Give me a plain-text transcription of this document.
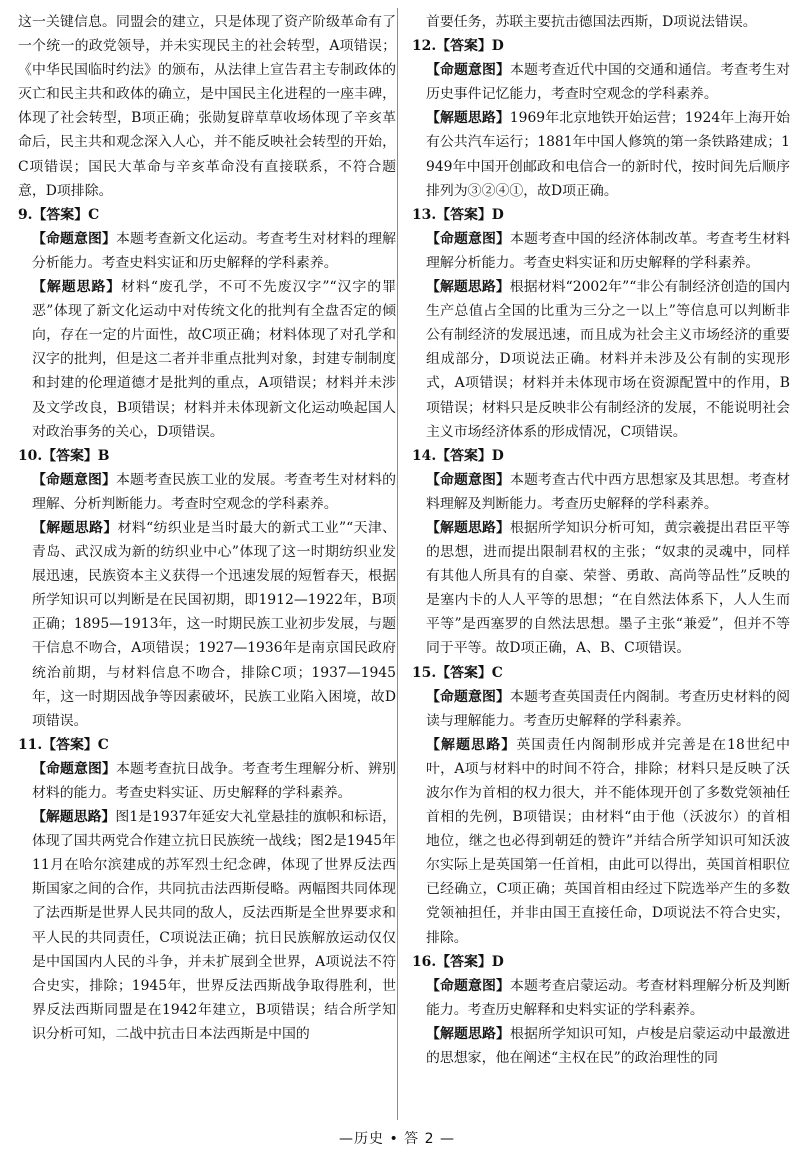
这一关键信息。同盟会的建立，只是体现了资产阶级革命有了一个统一的政党领导，并未实现民主的社会转型，A项错误；《中华民国临时约法》的颁布，从法律上宣告君主专制政体的灭亡和民主共和政体的确立，是中国民主化进程的一座丰碑，体现了社会转型，B项正确；张勋复辟草草收场体现了辛亥革命后，民主共和观念深入人心，并不能反映社会转型的开始，C项错误；国民大革命与辛亥革命没有直接联系，不符合题意，D项排除。

9.【答案】C

【命题意图】本题考查新文化运动。考查考生对材料的理解分析能力。考查史料实证和历史解释的学科素养。

【解题思路】材料“废孔学，不可不先废汉字”“汉字的罪恶”体现了新文化运动中对传统文化的批判有全盘否定的倾向，存在一定的片面性，故C项正确；材料体现了对孔学和汉字的批判，但是这二者并非重点批判对象，封建专制制度和封建的伦理道德才是批判的重点，A项错误；材料并未涉及文学改良，B项错误；材料并未体现新文化运动唤起国人对政治事务的关心，D项错误。

10.【答案】B

【命题意图】本题考查民族工业的发展。考查考生对材料的理解、分析判断能力。考查时空观念的学科素养。

【解题思路】材料“纺织业是当时最大的新式工业”“天津、青岛、武汉成为新的纺织业中心”体现了这一时期纺织业发展迅速，民族资本主义获得一个迅速发展的短暂春天，根据所学知识可以判断是在民国初期，即1912—1922年，B项正确；1895—1913年，这一时期民族工业初步发展，与题干信息不吻合，A项错误；1927—1936年是南京国民政府统治前期，与材料信息不吻合，排除C项；1937—1945年，这一时期因战争等因素破坏，民族工业陷入困境，故D项错误。

11.【答案】C

【命题意图】本题考查抗日战争。考查考生理解分析、辨别材料的能力。考查史料实证、历史解释的学科素养。

【解题思路】图1是1937年延安大礼堂悬挂的旗帜和标语，体现了国共两党合作建立抗日民族统一战线；图2是1945年11月在哈尔滨建成的苏军烈士纪念碑，体现了世界反法西斯国家之间的合作，共同抗击法西斯侵略。两幅图共同体现了法西斯是世界人民共同的敌人，反法西斯是全世界要求和平人民的共同责任，C项说法正确；抗日民族解放运动仅仅是中国国内人民的斗争，并未扩展到全世界，A项说法不符合史实，排除；1945年，世界反法西斯战争取得胜利，世界反法西斯同盟是在1942年建立，B项错误；结合所学知识分析可知，二战中抗击日本法西斯是中国的

首要任务，苏联主要抗击德国法西斯，D项说法错误。

12.【答案】D

【命题意图】本题考查近代中国的交通和通信。考查考生对历史事件记忆能力，考查时空观念的学科素养。

【解题思路】1969年北京地铁开始运营；1924年上海开始有公共汽车运行；1881年中国人修筑的第一条铁路建成；1949年中国开创邮政和电信合一的新时代，按时间先后顺序排列为③②④①，故D项正确。

13.【答案】D

【命题意图】本题考查中国的经济体制改革。考查考生材料理解分析能力。考查史料实证和历史解释的学科素养。

【解题思路】根据材料“2002年”“非公有制经济创造的国内生产总值占全国的比重为三分之一以上”等信息可以判断非公有制经济的发展迅速，而且成为社会主义市场经济的重要组成部分，D项说法正确。材料并未涉及公有制的实现形式，A项错误；材料并未体现市场在资源配置中的作用，B项错误；材料只是反映非公有制经济的发展，不能说明社会主义市场经济体系的形成情况，C项错误。

14.【答案】D

【命题意图】本题考查古代中西方思想家及其思想。考查材料理解及判断能力。考查历史解释的学科素养。

【解题思路】根据所学知识分析可知，黄宗羲提出君臣平等的思想，进而提出限制君权的主张；“奴隶的灵魂中，同样有其他人所具有的自豪、荣誉、勇敢、高尚等品性”反映的是塞内卡的人人平等的思想；“在自然法体系下，人人生而平等”是西塞罗的自然法思想。墨子主张“兼爱”，但并不等同于平等。故D项正确，A、B、C项错误。

15.【答案】C

【命题意图】本题考查英国责任内阁制。考查历史材料的阅读与理解能力。考查历史解释的学科素养。

【解题思路】英国责任内阁制形成并完善是在18世纪中叶，A项与材料中的时间不符合，排除；材料只是反映了沃波尔作为首相的权力很大，并不能体现开创了多数党领袖任首相的先例，B项错误；由材料“由于他（沃波尔）的首相地位，继之也必得到朝廷的赞许”并结合所学知识可知沃波尔实际上是英国第一任首相，由此可以得出，英国首相职位已经确立，C项正确；英国首相由经过下院选举产生的多数党领袖担任，并非由国王直接任命，D项说法不符合史实，排除。

16.【答案】D

【命题意图】本题考查启蒙运动。考查材料理解分析及判断能力。考查历史解释和史料实证的学科素养。

【解题思路】根据所学知识可知，卢梭是启蒙运动中最激进的思想家，他在阐述“主权在民”的政治理性的同

—历史 • 答 2 —
